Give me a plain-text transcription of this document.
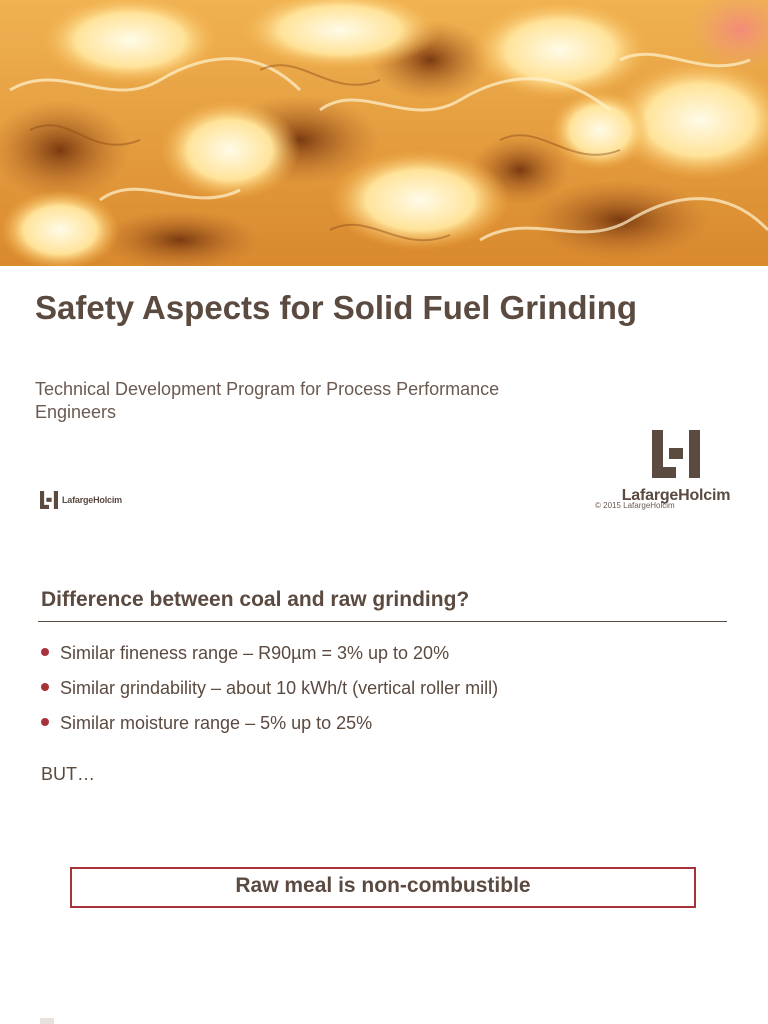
Safety Aspects for Solid Fuel Grinding

Technical Development Program for Process Performance Engineers

LafargeHolcim	LafargeHolcim
© 2015 LafargeHolcim
Difference between coal and raw grinding?
Similar fineness range – R90µm = 3% up to 20%
Similar grindability – about 10 kWh/t (vertical roller mill)
Similar moisture range – 5% up to 25%

BUT…

Raw meal is non-combustible
